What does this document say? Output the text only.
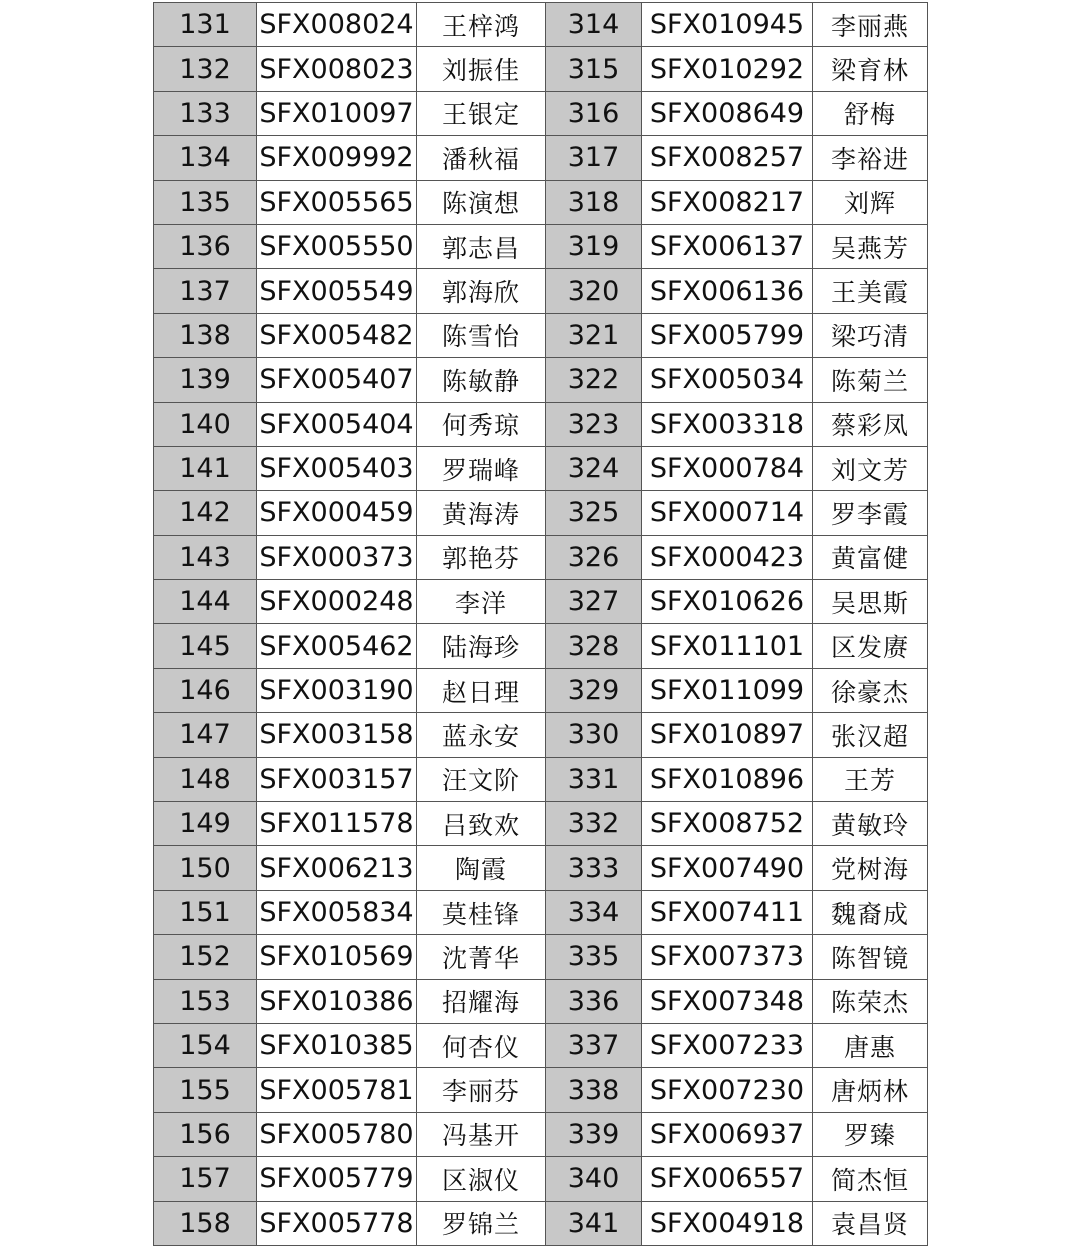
131	SFX008024	王梓鸿	314	SFX010945	李丽燕
132	SFX008023	刘振佳	315	SFX010292	梁育林
133	SFX010097	王银定	316	SFX008649	舒梅
134	SFX009992	潘秋福	317	SFX008257	李裕进
135	SFX005565	陈演想	318	SFX008217	刘辉
136	SFX005550	郭志昌	319	SFX006137	吴燕芳
137	SFX005549	郭海欣	320	SFX006136	王美霞
138	SFX005482	陈雪怡	321	SFX005799	梁巧清
139	SFX005407	陈敏静	322	SFX005034	陈菊兰
140	SFX005404	何秀琼	323	SFX003318	蔡彩凤
141	SFX005403	罗瑞峰	324	SFX000784	刘文芳
142	SFX000459	黄海涛	325	SFX000714	罗李霞
143	SFX000373	郭艳芬	326	SFX000423	黄富健
144	SFX000248	李洋	327	SFX010626	吴思斯
145	SFX005462	陆海珍	328	SFX011101	区发赓
146	SFX003190	赵日理	329	SFX011099	徐豪杰
147	SFX003158	蓝永安	330	SFX010897	张汉超
148	SFX003157	汪文阶	331	SFX010896	王芳
149	SFX011578	吕致欢	332	SFX008752	黄敏玲
150	SFX006213	陶霞	333	SFX007490	党树海
151	SFX005834	莫桂锋	334	SFX007411	魏裔成
152	SFX010569	沈菁华	335	SFX007373	陈智镜
153	SFX010386	招耀海	336	SFX007348	陈荣杰
154	SFX010385	何杏仪	337	SFX007233	唐惠
155	SFX005781	李丽芬	338	SFX007230	唐炳林
156	SFX005780	冯基开	339	SFX006937	罗臻
157	SFX005779	区淑仪	340	SFX006557	简杰恒
158	SFX005778	罗锦兰	341	SFX004918	袁昌贤
